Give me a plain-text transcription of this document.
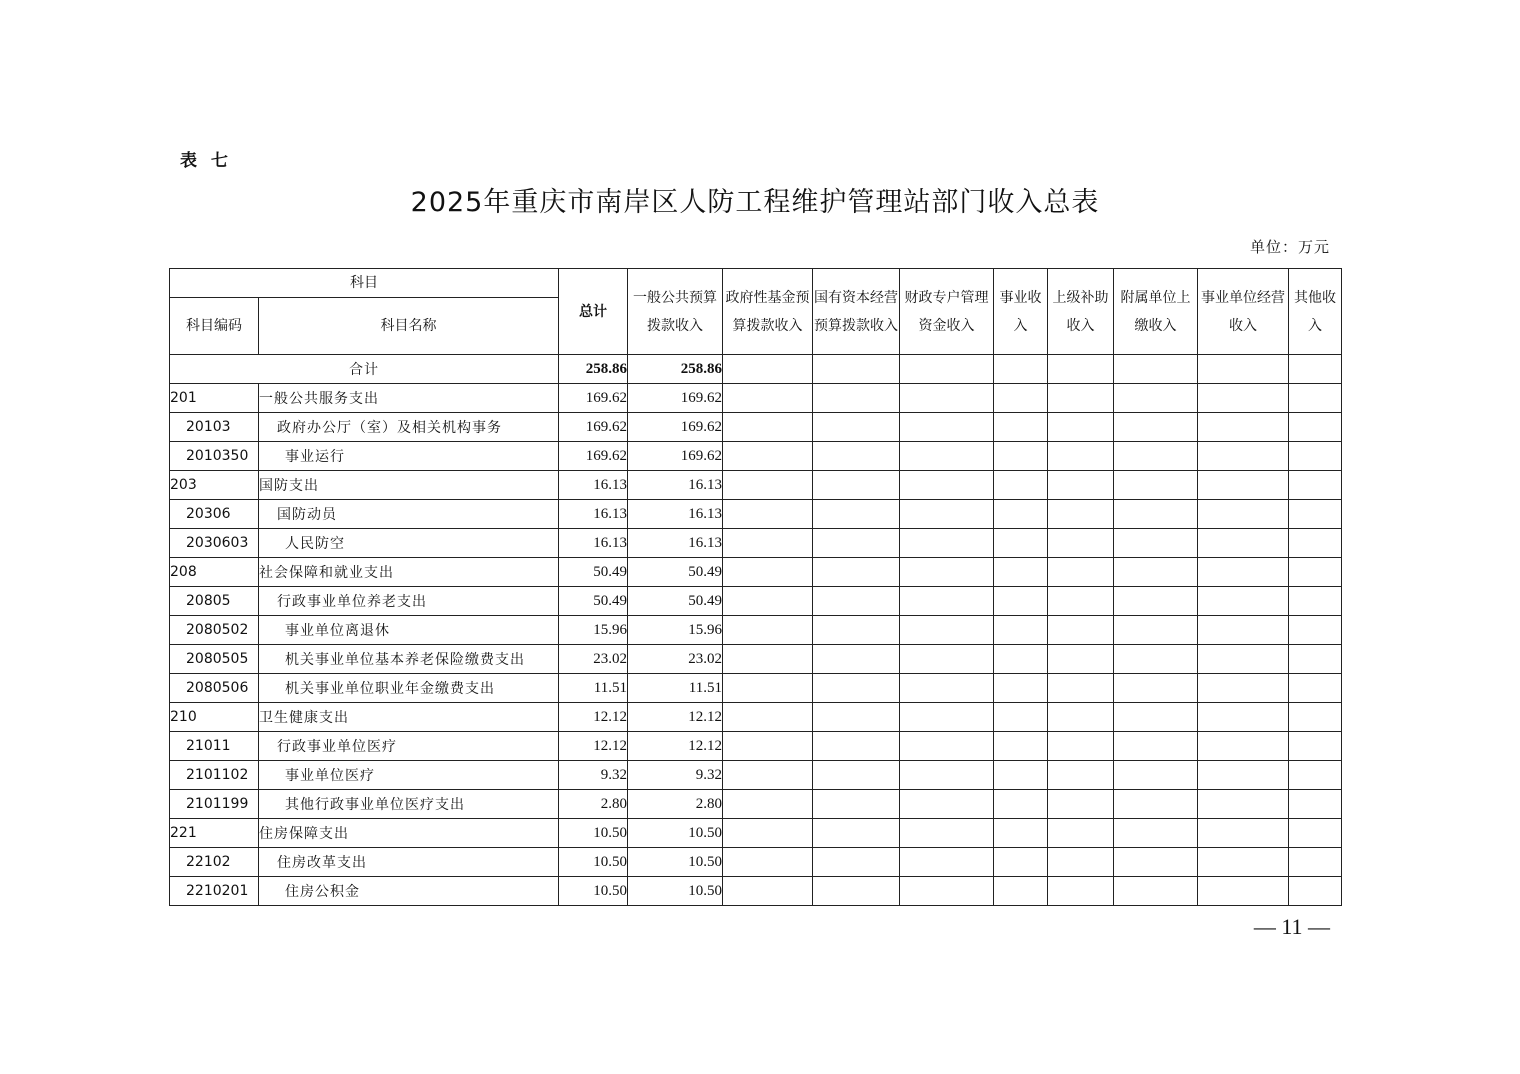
表 七
2025年重庆市南岸区人防工程维护管理站部门收入总表
单位：万元
科目		总计	一般公共预算拨款收入	政府性基金预算拨款收入	国有资本经营预算拨款收入	财政专户管理资金收入	事业收入	上级补助收入	附属单位上缴收入	事业单位经营收入	其他收入
科目编码	科目名称										
合计		258.86	258.86								
201	一般公共服务支出	169.62	169.62								
20103	政府办公厅（室）及相关机构事务	169.62	169.62								
2010350	事业运行	169.62	169.62								
203	国防支出	16.13	16.13								
20306	国防动员	16.13	16.13								
2030603	人民防空	16.13	16.13								
208	社会保障和就业支出	50.49	50.49								
20805	行政事业单位养老支出	50.49	50.49								
2080502	事业单位离退休	15.96	15.96								
2080505	机关事业单位基本养老保险缴费支出	23.02	23.02								
2080506	机关事业单位职业年金缴费支出	11.51	11.51								
210	卫生健康支出	12.12	12.12								
21011	行政事业单位医疗	12.12	12.12								
2101102	事业单位医疗	9.32	9.32								
2101199	其他行政事业单位医疗支出	2.80	2.80								
221	住房保障支出	10.50	10.50								
22102	住房改革支出	10.50	10.50								
2210201	住房公积金	10.50	10.50								
— 11 —
